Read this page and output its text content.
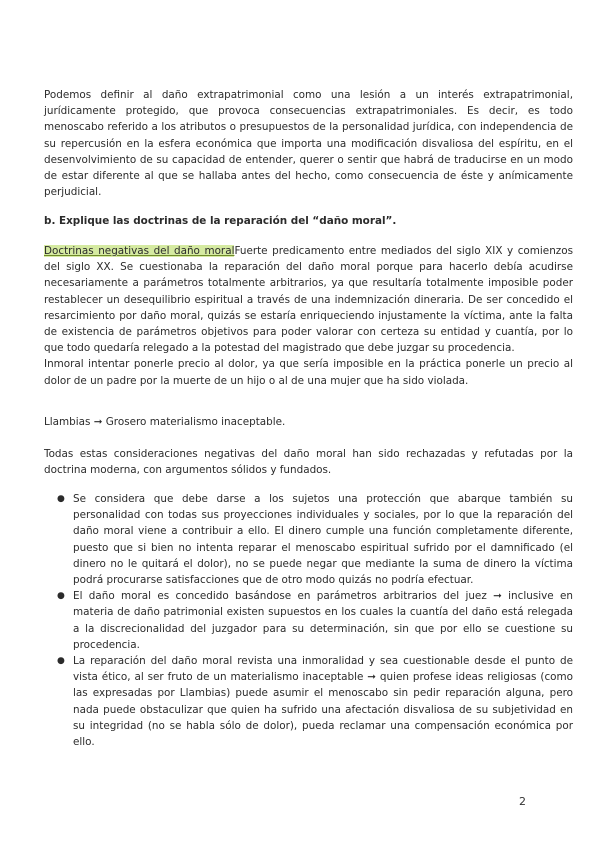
Podemos definir al daño extrapatrimonial como una lesión a un interés extrapatrimonial, jurídicamente protegido, que provoca consecuencias extrapatrimoniales. Es decir, es todo menoscabo referido a los atributos o presupuestos de la personalidad jurídica, con independencia de su repercusión en la esfera económica que importa una modificación disvaliosa del espíritu, en el desenvolvimiento de su capacidad de entender, querer o sentir que habrá de traducirse en un modo de estar diferente al que se hallaba antes del hecho, como consecuencia de éste y anímicamente perjudicial.

b. Explique las doctrinas de la reparación del “daño moral”.

Doctrinas negativas del daño moralFuerte predicamento entre mediados del siglo XIX y comienzos del siglo XX. Se cuestionaba la reparación del daño moral porque para hacerlo debía acudirse necesariamente a parámetros totalmente arbitrarios, ya que resultaría totalmente imposible poder restablecer un desequilibrio espiritual a través de una indemnización dineraria. De ser concedido el resarcimiento por daño moral, quizás se estaría enriqueciendo injustamente la víctima, ante la falta de existencia de parámetros objetivos para poder valorar con certeza su entidad y cuantía, por lo que todo quedaría relegado a la potestad del magistrado que debe juzgar su procedencia.
Inmoral intentar ponerle precio al dolor, ya que sería imposible en la práctica ponerle un precio al dolor de un padre por la muerte de un hijo o al de una mujer que ha sido violada.

Llambias ➞ Grosero materialismo inaceptable.

Todas estas consideraciones negativas del daño moral han sido rechazadas y refutadas por la doctrina moderna, con argumentos sólidos y fundados.

● Se considera que debe darse a los sujetos una protección que abarque también su personalidad con todas sus proyecciones individuales y sociales, por lo que la reparación del daño moral viene a contribuir a ello. El dinero cumple una función completamente diferente, puesto que si bien no intenta reparar el menoscabo espiritual sufrido por el damnificado (el dinero no le quitará el dolor), no se puede negar que mediante la suma de dinero la víctima podrá procurarse satisfacciones que de otro modo quizás no podría efectuar.
● El daño moral es concedido basándose en parámetros arbitrarios del juez ➞ inclusive en materia de daño patrimonial existen supuestos en los cuales la cuantía del daño está relegada a la discrecionalidad del juzgador para su determinación, sin que por ello se cuestione su procedencia.
● La reparación del daño moral revista una inmoralidad y sea cuestionable desde el punto de vista ético, al ser fruto de un materialismo inaceptable ➞ quien profese ideas religiosas (como las expresadas por Llambias) puede asumir el menoscabo sin pedir reparación alguna, pero nada puede obstaculizar que quien ha sufrido una afectación disvaliosa de su subjetividad en su integridad (no se habla sólo de dolor), pueda reclamar una compensación económica por ello.
2
